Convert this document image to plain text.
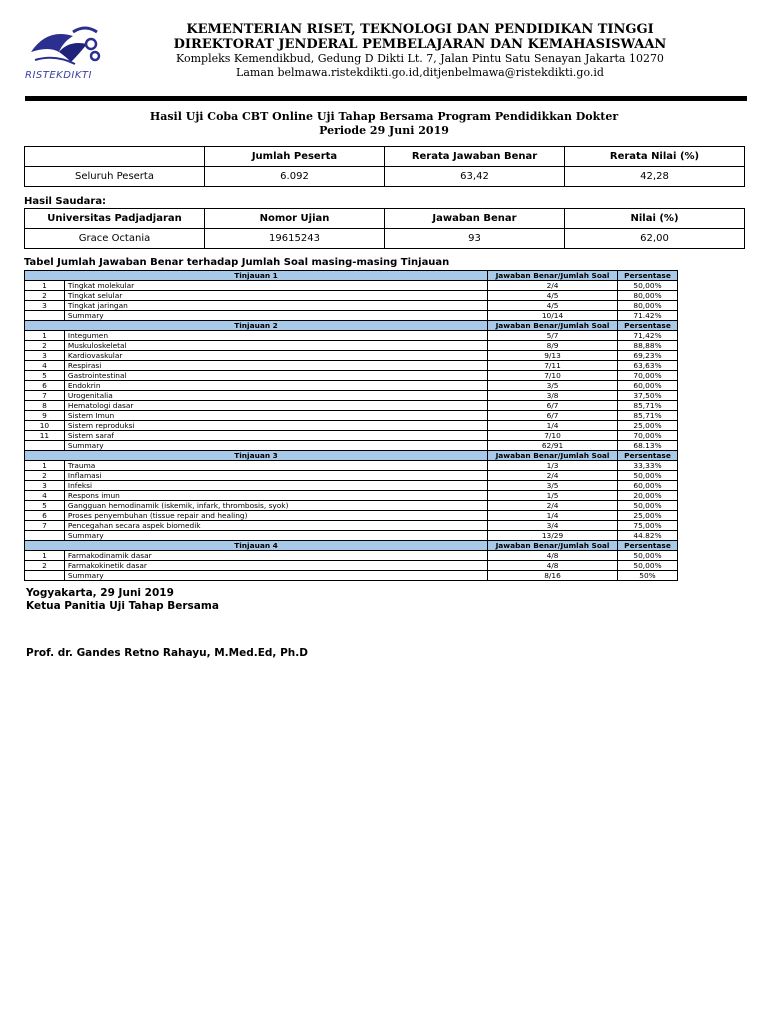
RISTEKDIKTI
KEMENTERIAN RISET, TEKNOLOGI DAN PENDIDIKAN TINGGI
DIREKTORAT JENDERAL PEMBELAJARAN DAN KEMAHASISWAAN
Kompleks Kemendikbud, Gedung D Dikti Lt. 7, Jalan Pintu Satu Senayan Jakarta 10270
Laman belmawa.ristekdikti.go.id,ditjenbelmawa@ristekdikti.go.id
Hasil Uji Coba CBT Online Uji Tahap Bersama Program Pendidikkan Dokter
Periode 29 Juni 2019
	Jumlah Peserta	Rerata Jawaban Benar	Rerata Nilai (%)
Seluruh Peserta	6.092	63,42	42,28
Hasil Saudara:
Universitas Padjadjaran	Nomor Ujian	Jawaban Benar	Nilai (%)
Grace Octania	19615243	93	62,00
Tabel Jumlah Jawaban Benar terhadap Jumlah Soal masing-masing Tinjauan
Tinjauan 1		Jawaban Benar/Jumlah Soal	Persentase
1	Tingkat molekular	2/4	50,00%
2	Tingkat selular	4/5	80,00%
3	Tingkat jaringan	4/5	80,00%
	Summary	10/14	71.42%
Tinjauan 2		Jawaban Benar/Jumlah Soal	Persentase
1	Integumen	5/7	71,42%
2	Muskuloskeletal	8/9	88,88%
3	Kardiovaskular	9/13	69,23%
4	Respirasi	7/11	63,63%
5	Gastrointestinal	7/10	70,00%
6	Endokrin	3/5	60,00%
7	Urogenitalia	3/8	37,50%
8	Hematologi dasar	6/7	85,71%
9	Sistem Imun	6/7	85,71%
10	Sistem reproduksi	1/4	25,00%
11	Sistem saraf	7/10	70,00%
	Summary	62/91	68.13%
Tinjauan 3		Jawaban Benar/Jumlah Soal	Persentase
1	Trauma	1/3	33,33%
2	Inflamasi	2/4	50,00%
3	Infeksi	3/5	60,00%
4	Respons imun	1/5	20,00%
5	Gangguan hemodinamik (iskemik, infark, thrombosis, syok)	2/4	50,00%
6	Proses penyembuhan (tissue repair and healing)	1/4	25,00%
7	Pencegahan secara aspek biomedik	3/4	75,00%
	Summary	13/29	44.82%
Tinjauan 4		Jawaban Benar/Jumlah Soal	Persentase
1	Farmakodinamik dasar	4/8	50,00%
2	Farmakokinetik dasar	4/8	50,00%
	Summary	8/16	50%
Yogyakarta, 29 Juni 2019
Ketua Panitia Uji Tahap Bersama
Prof. dr. Gandes Retno Rahayu, M.Med.Ed, Ph.D
